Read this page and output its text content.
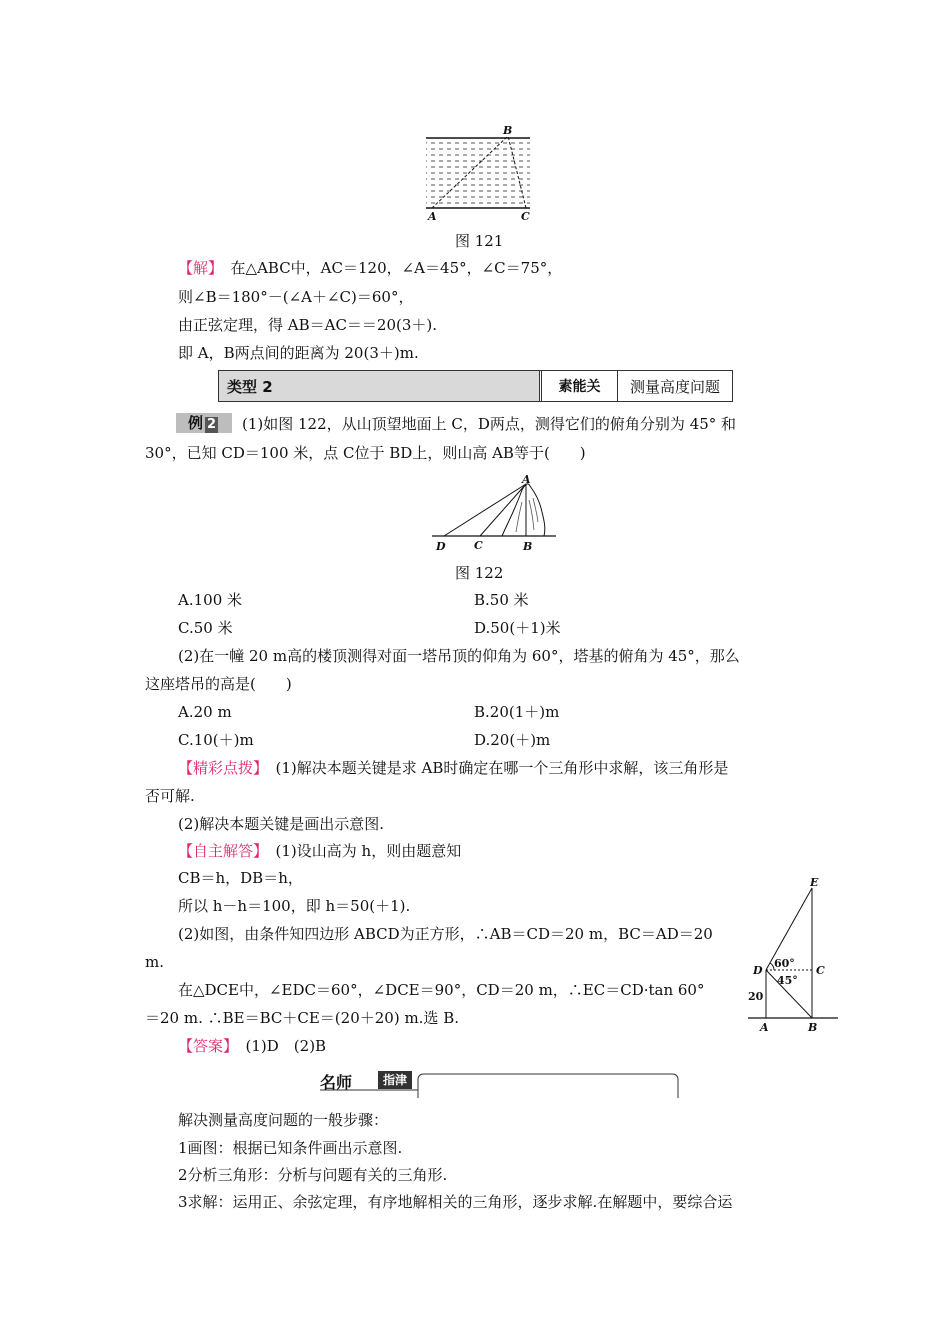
B
A	C
图 121
【解】　 在△ABC中，AC＝120，∠A＝45°，∠C＝75°，
则∠B＝180°－(∠A＋∠C)＝60°，
由正弦定理，得 AB＝AC＝＝20(3＋).
即 A，B两点间的距离为 20(3＋)m.
类型 2	素能关	测量高度问题
例 2	(1)如图 122，从山顶望地面上 C，D两点，测得它们的俯角分别为 45° 和
30°，已知 CD＝100 米，点 C位于 BD上，则山高 AB等于(　　)
A
D	C	B
图 122
A.100 米	B.50 米
C.50 米	D.50(＋1)米
(2)在一幢 20 m高的楼顶测得对面一塔吊顶的仰角为 60°，塔基的俯角为 45°，那么
这座塔吊的高是(　　)
A.20 m	B.20(1＋)m
C.10(＋)m	D.20(＋)m
【精彩点拨】　 (1)解决本题关键是求 AB时确定在哪一个三角形中求解，该三角形是
否可解.
(2)解决本题关键是画出示意图.
【自主解答】　 (1)设山高为 h，则由题意知
CB＝h，DB＝h，
所以 h－h＝100，即 h＝50(＋1).
(2)如图，由条件知四边形 ABCD为正方形，∴AB＝CD＝20 m，BC＝AD＝20
m.
在△DCE中，∠EDC＝60°，∠DCE＝90°，CD＝20 m，∴EC＝CD·tan 60°
＝20 m. ∴BE＝BC＋CE＝(20＋20) m.选 B.
E
D	C
A	B
60°
45°
20
【答案】　 (1)D　(2)B
名师	指津
解决测量高度问题的一般步骤：
1画图：根据已知条件画出示意图.
2分析三角形：分析与问题有关的三角形.
3求解：运用正、余弦定理，有序地解相关的三角形，逐步求解.在解题中，要综合运
